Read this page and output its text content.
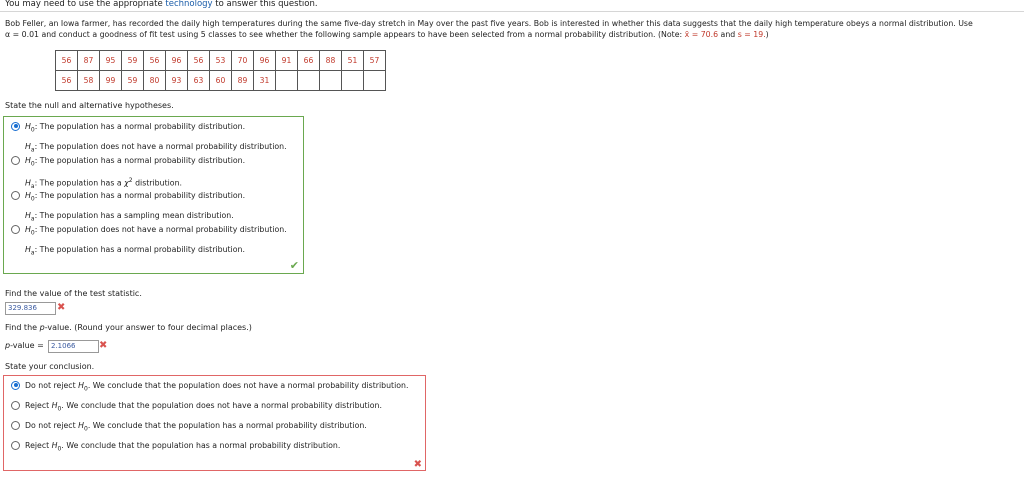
You may need to use the appropriate technology to answer this question.
Bob Feller, an Iowa farmer, has recorded the daily high temperatures during the same five-day stretch in May over the past five years. Bob is interested in whether this data suggests that the daily high temperature obeys a normal distribution. Use
α = 0.01 and conduct a goodness of fit test using 5 classes to see whether the following sample appears to have been selected from a normal probability distribution. (Note: x̄ = 70.6 and s = 19.)
56	87	95	59	56	96	56	53	70	96	91	66	88	51	57
56	58	99	59	80	93	63	60	89	31					
State the null and alternative hypotheses.
$H_0$: The population has a normal probability distribution.
$H_a$: The population does not have a normal probability distribution.
$H_0$: The population has a normal probability distribution.
$H_a$: The population has a $\chi^2$ distribution.
$H_0$: The population has a normal probability distribution.
$H_a$: The population has a sampling mean distribution.
$H_0$: The population does not have a normal probability distribution.
$H_a$: The population has a normal probability distribution.
✔
Find the value of the test statistic.
329.836	✖
Find the p-value. (Round your answer to four decimal places.)
p-value =	2.1066	✖
State your conclusion.
Do not reject $H_0$. We conclude that the population does not have a normal probability distribution.
Reject $H_0$. We conclude that the population does not have a normal probability distribution.
Do not reject $H_0$. We conclude that the population has a normal probability distribution.
Reject $H_0$. We conclude that the population has a normal probability distribution.
✖
